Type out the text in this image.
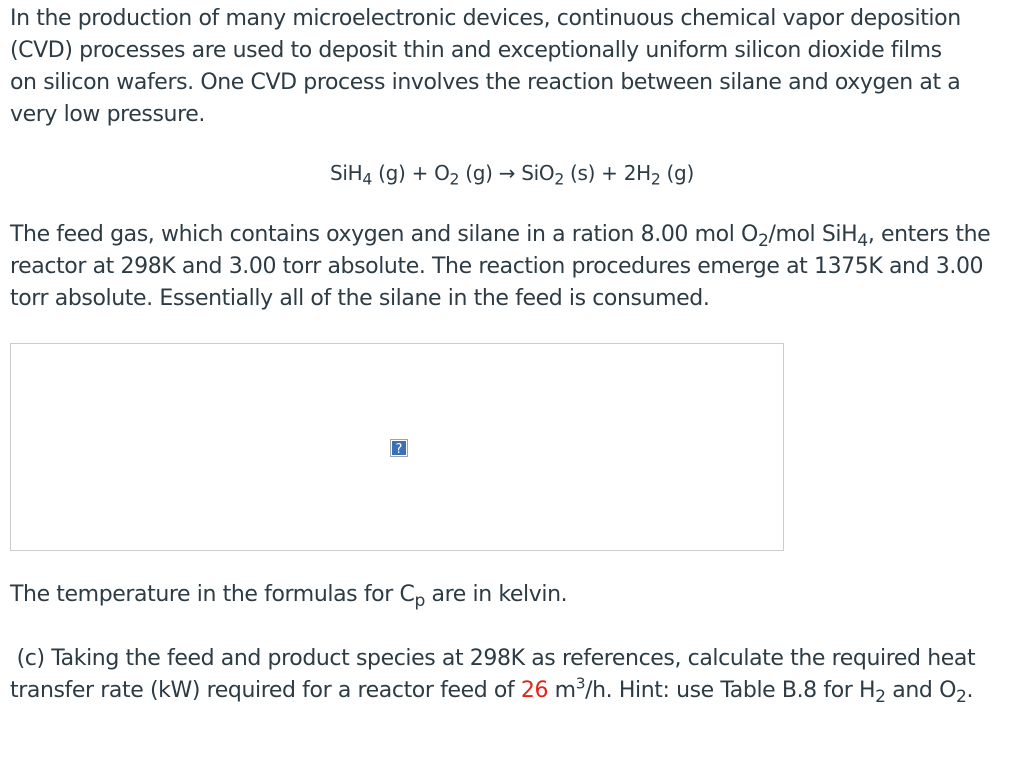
In the production of many microelectronic devices, continuous chemical vapor deposition (CVD) processes are used to deposit thin and exceptionally uniform silicon dioxide films on silicon wafers. One CVD process involves the reaction between silane and oxygen at a very low pressure.

SiH$_4$ $(g) + O_2$ (g) → SiO$_2$ $(s) + 2H_2$ (g)

The feed gas, which contains oxygen and silane in a ration 8.00 mol $O_2$/mol SiH$_4$, enters the reactor at 298K and 3.00 torr absolute. The reaction procedures emerge at 1375K and 3.00 torr absolute. Essentially all of the silane in the feed is consumed.

?

The temperature in the formulas for $C_p$ are in kelvin.

(c) Taking the feed and product species at 298K as references, calculate the required heat transfer rate (kW) required for a reactor feed of 26 $m^3/h$. Hint: use Table B.8 for $H_2$ and $O_2$.
